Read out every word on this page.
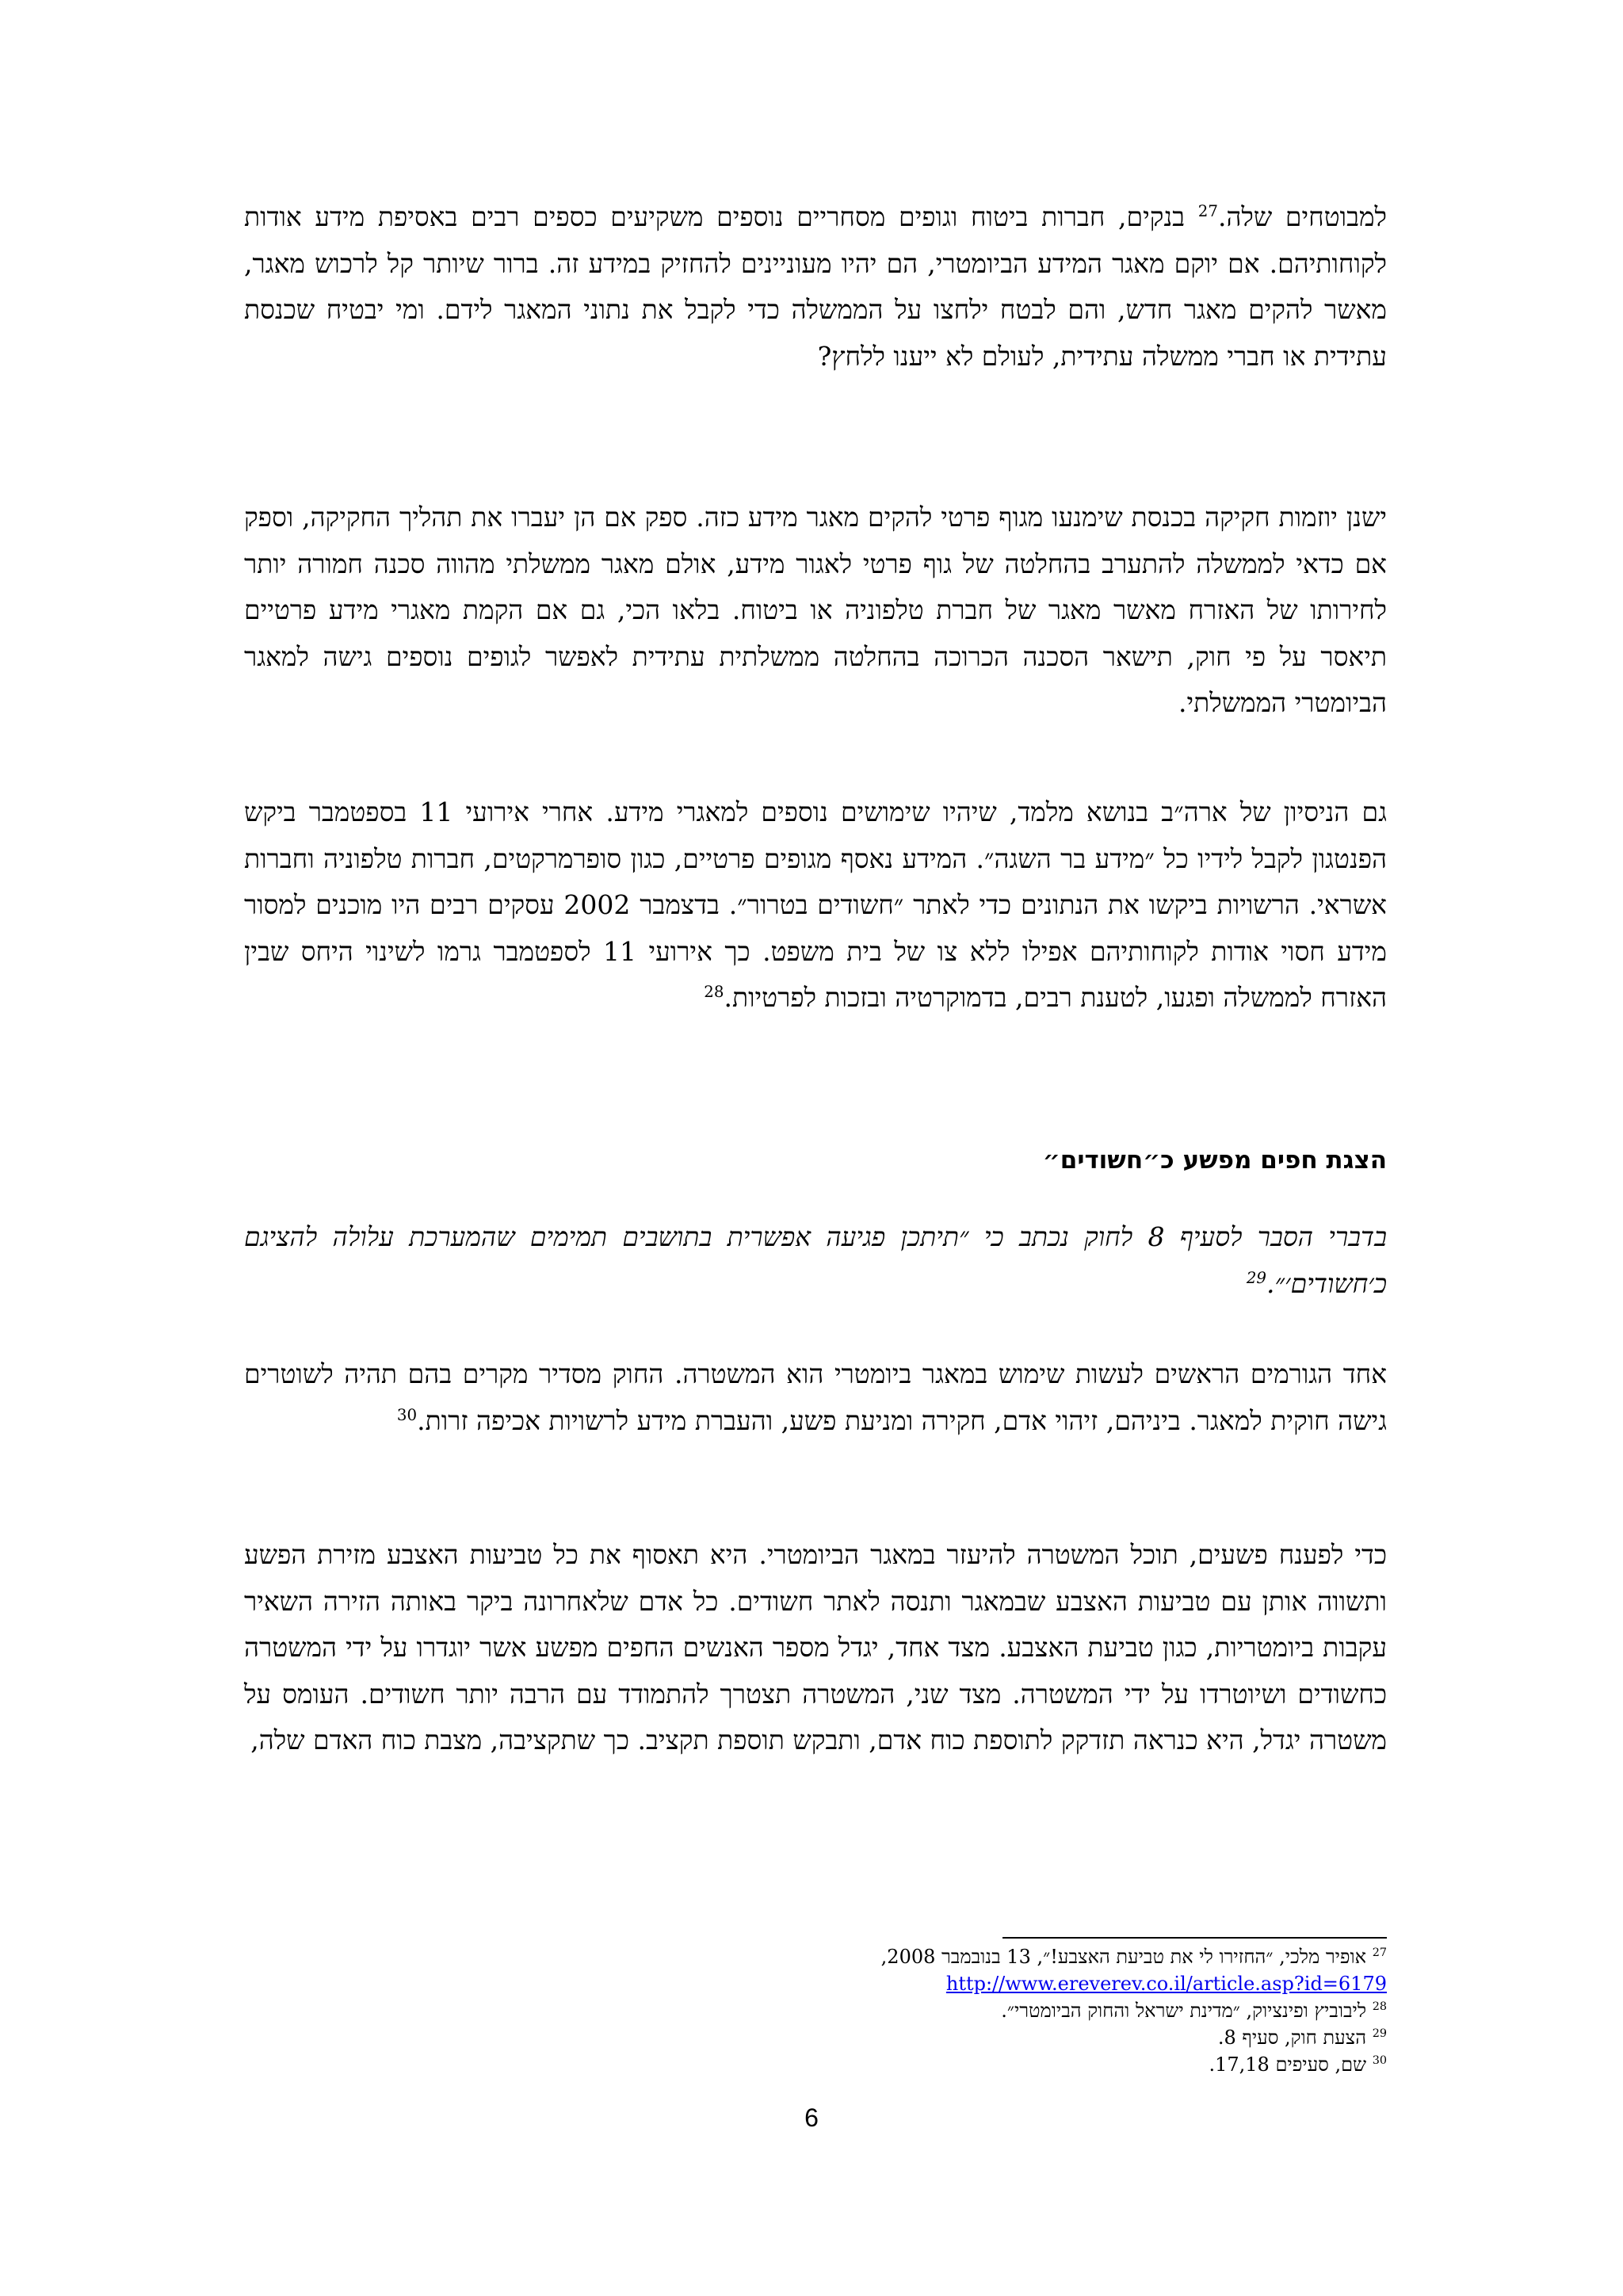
למבוטחים שלה.$^{27}$ בנקים, חברות ביטוח וגופים מסחריים נוספים משקיעים כספים רבים באסיפת מידע אודות לקוחותיהם. אם יוקם מאגר המידע הביומטרי, הם יהיו מעוניינים להחזיק במידע זה. ברור שיותר קל לרכוש מאגר, מאשר להקים מאגר חדש, והם לבטח ילחצו על הממשלה כדי לקבל את נתוני המאגר לידם. ומי יבטיח שכנסת עתידית או חברי ממשלה עתידית, לעולם לא ייענו ללחץ?

ישנן יוזמות חקיקה בכנסת שימנעו מגוף פרטי להקים מאגר מידע כזה. ספק אם הן יעברו את תהליך החקיקה, וספק אם כדאי לממשלה להתערב בהחלטה של גוף פרטי לאגור מידע, אולם מאגר ממשלתי מהווה סכנה חמורה יותר לחירותו של האזרח מאשר מאגר של חברת טלפוניה או ביטוח. בלאו הכי, גם אם הקמת מאגרי מידע פרטיים תיאסר על פי חוק, תישאר הסכנה הכרוכה בהחלטה ממשלתית עתידית לאפשר לגופים נוספים גישה למאגר הביומטרי הממשלתי.

גם הניסיון של ארה״ב בנושא מלמד, שיהיו שימושים נוספים למאגרי מידע. אחרי אירועי 11 בספטמבר ביקש הפנטגון לקבל לידיו כל ״מידע בר השגה״. המידע נאסף מגופים פרטיים, כגון סופרמרקטים, חברות טלפוניה וחברות אשראי. הרשויות ביקשו את הנתונים כדי לאתר ״חשודים בטרור״. בדצמבר 2002 עסקים רבים היו מוכנים למסור מידע חסוי אודות לקוחותיהם אפילו ללא צו של בית משפט. כך אירועי 11 לספטמבר גרמו לשינוי היחס שבין האזרח לממשלה ופגעו, לטענת רבים, בדמוקרטיה ובזכות לפרטיות.$^{28}$

הצגת חפים מפשע כ״חשודים״

בדברי הסבר לסעיף 8 לחוק נכתב כי ״תיתכן פגיעה אפשרית בתושבים תמימים שהמערכת עלולה להציגם כ׳חשודים׳״.$^{29}$

אחד הגורמים הראשים לעשות שימוש במאגר ביומטרי הוא המשטרה. החוק מסדיר מקרים בהם תהיה לשוטרים גישה חוקית למאגר. ביניהם, זיהוי אדם, חקירה ומניעת פשע, והעברת מידע לרשויות אכיפה זרות.$^{30}$

כדי לפענח פשעים, תוכל המשטרה להיעזר במאגר הביומטרי. היא תאסוף את כל טביעות האצבע מזירת הפשע ותשווה אותן עם טביעות האצבע שבמאגר ותנסה לאתר חשודים. כל אדם שלאחרונה ביקר באותה הזירה השאיר עקבות ביומטריות, כגון טביעת האצבע. מצד אחד, יגדל מספר האנשים החפים מפשע אשר יוגדרו על ידי המשטרה כחשודים ושיוטרדו על ידי המשטרה. מצד שני, המשטרה תצטרך להתמודד עם הרבה יותר חשודים. העומס על משטרה יגדל, היא כנראה תזדקק לתוספת כוח אדם, ותבקש תוספת תקציב. כך שתקציבה, מצבת כוח האדם שלה,

$^{27}$ אופיר מלכי, ״החזירו לי את טביעת האצבע!״, 13 בנובמבר 2008,

http://www.ereverev.co.il/article.asp?id=6179

$^{28}$ ליבוביץ ופינציוק, ״מדינת ישראל והחוק הביומטרי״.

$^{29}$ הצעת חוק, סעיף 8.

$^{30}$ שם, סעיפים 17,18.

6
